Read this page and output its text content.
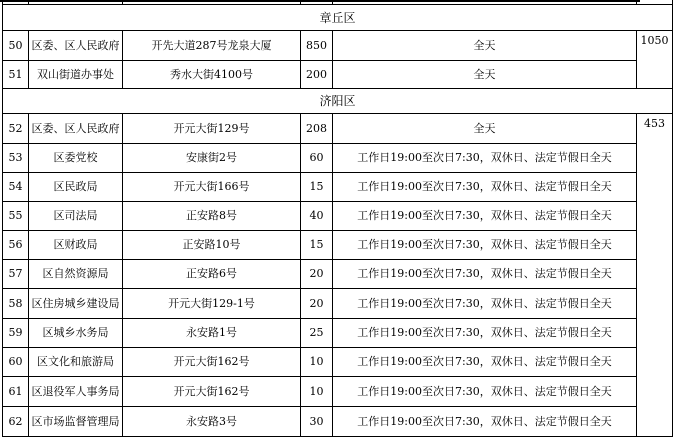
章丘区					
50	区委、区人民政府	开先大道287号龙泉大厦	850	全天	1050
51	双山街道办事处	秀水大街4100号	200	全天	
济阳区					
52	区委、区人民政府	开元大街129号	208	全天	453
53	区委党校	安康街2号	60	工作日19:00至次日7:30，双休日、法定节假日全天	
54	区民政局	开元大街166号	15	工作日19:00至次日7:30，双休日、法定节假日全天	
55	区司法局	正安路8号	40	工作日19:00至次日7:30，双休日、法定节假日全天	
56	区财政局	正安路10号	15	工作日19:00至次日7:30，双休日、法定节假日全天	
57	区自然资源局	正安路6号	20	工作日19:00至次日7:30，双休日、法定节假日全天	
58	区住房城乡建设局	开元大街129-1号	20	工作日19:00至次日7:30，双休日、法定节假日全天	
59	区城乡水务局	永安路1号	25	工作日19:00至次日7:30，双休日、法定节假日全天	
60	区文化和旅游局	开元大街162号	10	工作日19:00至次日7:30，双休日、法定节假日全天	
61	区退役军人事务局	开元大街162号	10	工作日19:00至次日7:30，双休日、法定节假日全天	
62	区市场监督管理局	永安路3号	30	工作日19:00至次日7:30，双休日、法定节假日全天	
